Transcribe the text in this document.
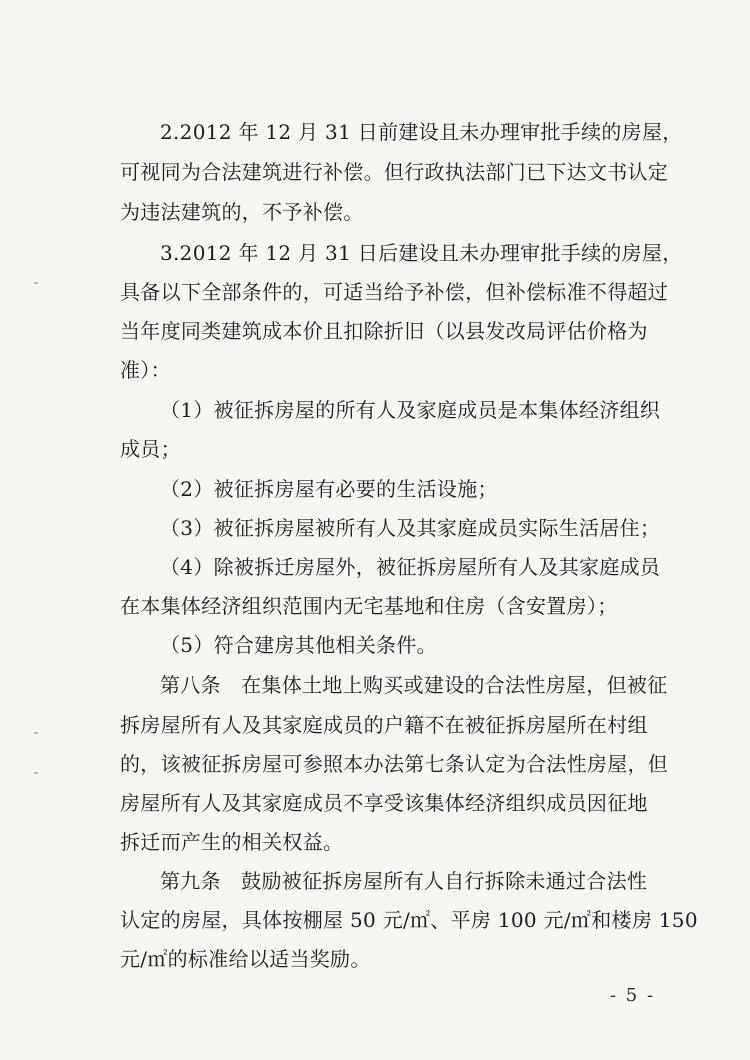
2.2012 年 12 月 31 日前建设且未办理审批手续的房屋，
可视同为合法建筑进行补偿。但行政执法部门已下达文书认定
为违法建筑的，不予补偿。
3.2012 年 12 月 31 日后建设且未办理审批手续的房屋，
具备以下全部条件的，可适当给予补偿，但补偿标准不得超过
当年度同类建筑成本价且扣除折旧（以县发改局评估价格为
准）：
（1）被征拆房屋的所有人及家庭成员是本集体经济组织
成员；
（2）被征拆房屋有必要的生活设施；
（3）被征拆房屋被所有人及其家庭成员实际生活居住；
（4）除被拆迁房屋外，被征拆房屋所有人及其家庭成员
在本集体经济组织范围内无宅基地和住房（含安置房）；
（5）符合建房其他相关条件。
第八条　在集体土地上购买或建设的合法性房屋，但被征
拆房屋所有人及其家庭成员的户籍不在被征拆房屋所在村组
的，该被征拆房屋可参照本办法第七条认定为合法性房屋，但
房屋所有人及其家庭成员不享受该集体经济组织成员因征地
拆迁而产生的相关权益。
第九条　鼓励被征拆房屋所有人自行拆除未通过合法性
认定的房屋，具体按棚屋 50 元/㎡、平房 100 元/㎡和楼房 150
元/㎡的标准给以适当奖励。
- 5 -
